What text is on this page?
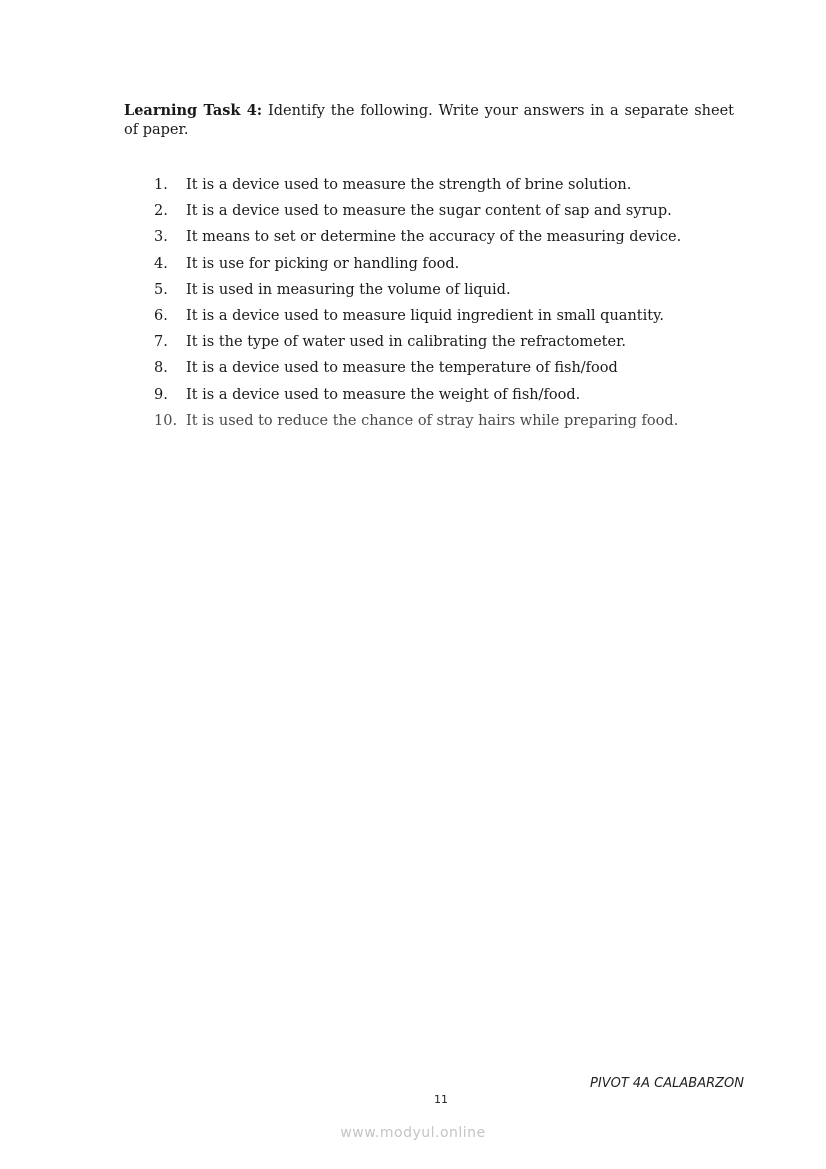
Learning Task 4: Identify the following. Write your answers in a separate sheet of paper.

1.	It is a device used to measure the strength of brine solution.
2.	It is a device used to measure the sugar content of sap and syrup.
3.	It means to set or determine the accuracy of the measuring device.
4.	It is use for picking or handling food.
5.	It is used in measuring the volume of liquid.
6.	It is a device used to measure liquid ingredient in small quantity.
7.	It is the type of water used in calibrating the refractometer.
8.	It is a device used to measure the temperature of fish/food
9.	It is a device used to measure the weight of fish/food.
10. It is used to reduce the chance of stray hairs while preparing food.
PIVOT 4A CALABARZON
11
www.modyul.online
